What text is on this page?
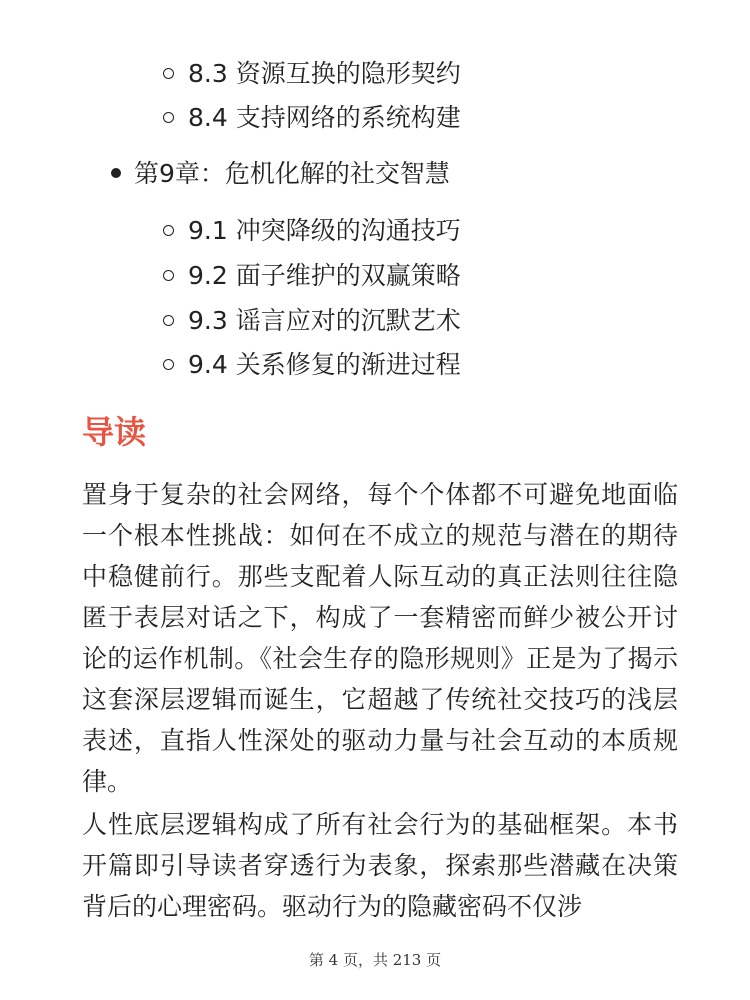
8.3 资源互换的隐形契约
8.4 支持网络的系统构建
第9章：危机化解的社交智慧
9.1 冲突降级的沟通技巧
9.2 面子维护的双赢策略
9.3 谣言应对的沉默艺术
9.4 关系修复的渐进过程
导读

置身于复杂的社会网络，每个个体都不可避免地面临一个根本性挑战：如何在不成立的规范与潜在的期待中稳健前行。那些支配着人际互动的真正法则往往隐匿于表层对话之下，构成了一套精密而鲜少被公开讨论的运作机制。《社会生存的隐形规则》正是为了揭示这套深层逻辑而诞生，它超越了传统社交技巧的浅层表述，直指人性深处的驱动力量与社会互动的本质规律。

人性底层逻辑构成了所有社会行为的基础框架。本书开篇即引导读者穿透行为表象，探索那些潜藏在决策背后的心理密码。驱动行为的隐藏密码不仅涉

第 4 页，共 213 页
